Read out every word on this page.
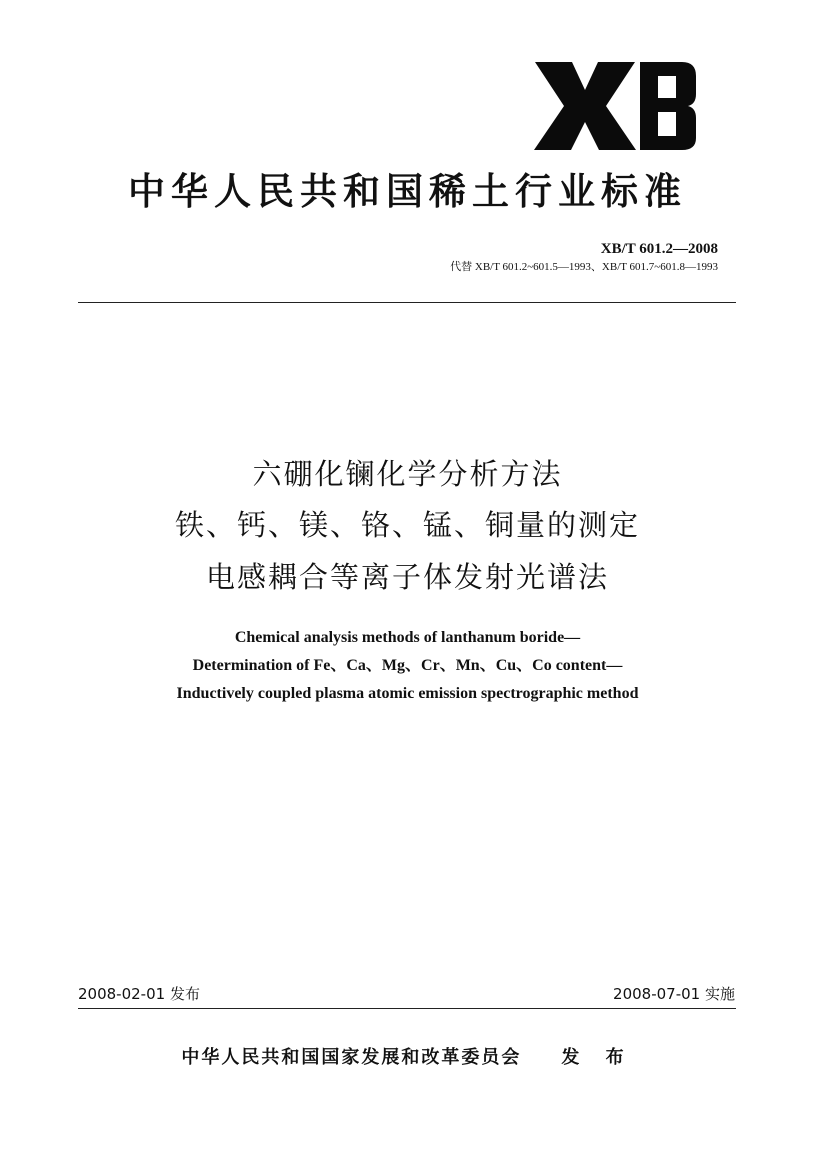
中华人民共和国稀土行业标准
XB/T 601.2—2008
代替 XB/T 601.2~601.5—1993、XB/T 601.7~601.8—1993
六硼化镧化学分析方法
铁、钙、镁、铬、锰、铜量的测定
电感耦合等离子体发射光谱法
Chemical analysis methods of lanthanum boride—
Determination of Fe、Ca、Mg、Cr、Mn、Cu、Co content—
Inductively coupled plasma atomic emission spectrographic method
2008-02-01 发布	2008-07-01 实施
中华人民共和国国家发展和改革委员会 发 布
